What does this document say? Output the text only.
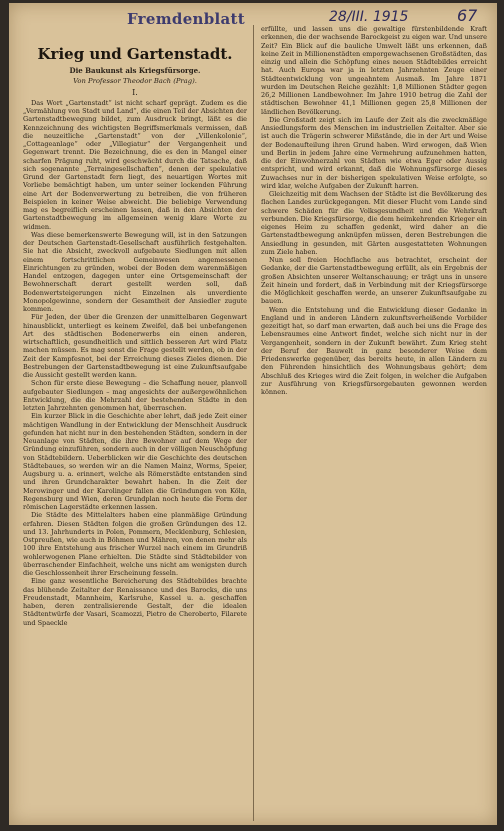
Fremdenblatt	28/III. 1915	67
Krieg und Gartenstadt.
Die Baukunst als Kriegsfürsorge.
Von Professor Theodor Bach (Prag).
I.

Das Wort „Gartenstadt“ ist nicht scharf geprägt. Zudem es die „Vermählung von Stadt und Land“, die einen Teil der Absichten der Gartenstadtbewegung bildet, zum Ausdruck bringt, läßt es die Kennzeichnung des wichtigsten Begriffsmerkmals vermissen, daß die neuzeitliche „Gartenstadt“ von der „Villenkolonie“, „Cottageanlage“ oder „Villegiatur“ der Vergangenheit und Gegenwart trennt. Die Bezeichnung, die es den in Mangel einer scharfen Prägung ruht, wird geschwächt durch die Tatsache, daß sich sogenannte „Terraingesellschaften“, denen der spekulative Grund der Gartenstadt fern liegt, des neuartigen Wortes mit Vorliebe bemächtigt haben, um unter seiner lockenden Führung eine Art der Bodenverwertung zu betreiben, die von früheren Beispielen in keiner Weise abweicht. Die beliebige Verwendung mag es begreiflich erscheinen lassen, daß in den Absichten der Gartenstadtbewegung im allgemeinen wenig klare Worte zu widmen.

Was diese bemerkenswerte Bewegung will, ist in den Satzungen der Deutschen Gartenstadt-Gesellschaft ausführlich festgehalten. Sie hat die Absicht, zweckvoll aufgebaute Siedlungen mit allen einem fortschrittlichen Gemeinwesen angemessenen Einrichtungen zu gründen, wobei der Boden dem warenmäßigen Handel entzogen, dagegen unter eine Ortsgemeinschaft der Bewohnerschaft derart gestellt werden soll, daß Bodenwertsteigerungen nicht Einzelnen als unverdiente Monopolgewinne, sondern der Gesamtheit der Ansiedler zugute kommen.

Für Jeden, der über die Grenzen der unmittelbaren Gegenwart hinausblickt, unterliegt es keinem Zweifel, daß bei unbefangenen Art des städtischen Bodenerwerbs ein einen anderen, wirtschaftlich, gesundheitlich und sittlich besseren Art wird Platz machen müssen. Es mag sonst die Frage gestellt werden, ob in der Zeit der Kampfesnot, bei der Erreichung dieses Zieles dienen. Die Bestrebungen der Gartenstadtbewegung ist eine Zukunftsaufgabe die Aussicht gestellt werden kann.

Schon für erste diese Bewegung – die Schaffung neuer, planvoll aufgebauter Siedlungen – mag angesichts der außergewöhnlichen Entwicklung, die die Mehrzahl der bestehenden Städte in den letzten Jahrzehnten genommen hat, überraschen.

Ein kurzer Blick in die Geschichte aber lehrt, daß jede Zeit einer mächtigen Wandlung in der Entwicklung der Menschheit Ausdruck gefunden hat nicht nur in den bestehenden Städten, sondern in der Neuanlage von Städten, die ihre Bewohner auf dem Wege der Gründung einzuführen, sondern auch in der völligen Neuschöpfung von Städtebildern. Ueberblicken wir die Geschichte des deutschen Städtebaues, so werden wir an die Namen Mainz, Worms, Speier, Augsburg u. a. erinnert, welche als Römerstädte entstanden sind und ihren Grundcharakter bewahrt haben. In die Zeit der Merowinger und der Karolinger fallen die Gründungen von Köln, Regensburg und Wien, deren Grundplan noch heute die Form der römischen Lagerstädte erkennen lassen.

Die Städte des Mittelalters haben eine planmäßige Gründung erfahren. Diesen Städten folgen die großen Gründungen des 12. und 13. Jahrhunderts in Polen, Pommern, Mecklenburg, Schlesien, Ostpreußen, wie auch in Böhmen und Mähren, von denen mehr als 100 ihre Entstehung aus frischer Wurzel nach einem im Grundriß wohlerwogenen Plane erhielten. Die Städte sind Städtebilder von überraschender Einfachheit, welche uns nicht am wenigsten durch die Geschlossenheit ihrer Erscheinung fesseln.

Eine ganz wesentliche Bereicherung des Städtebildes brachte das blühende Zeitalter der Renaissance und des Barocks, die uns Freudenstadt, Mannheim, Karlsruhe, Kassel u. a. geschaffen haben, deren zentralisierende Gestalt, der die idealen Städtentwürfe der Vasari, Scamozzi, Pietro de Cheroberto, Filarete und Spaeckle

erfüllte, und lassen uns die gewaltige fürstenbildende Kraft erkennen, die der wachsende Barockgeist zu eigen war. Und unsere Zeit? Ein Blick auf die bauliche Umwelt läßt uns erkennen, daß keine Zeit in Millionenstädten emporgewachsenen Großstädten, das einzig und allein die Schöpfung eines neuen Städtebildes erreicht hat. Auch Europa war ja in letzten Jahrzehnten Zeuge einer Städteentwicklung von ungeahntem Ausmaß. Im Jahre 1871 wurden im Deutschen Reiche gezählt: 1,8 Millionen Städter gegen 26,2 Millionen Landbewohner. Im Jahre 1910 betrug die Zahl der städtischen Bewohner 41,1 Millionen gegen 25,8 Millionen der ländlichen Bevölkerung.

Die Großstadt zeigt sich im Laufe der Zeit als die zweckmäßige Ansiedlungsform des Menschen im industriellen Zeitalter. Aber sie ist auch die Trägerin schwerer Mißstände, die in der Art und Weise der Bodenaufteilung ihren Grund haben. Wird erwogen, daß Wien und Berlin in jedem Jahre eine Vermehrung aufzunehmen hatten, die der Einwohnerzahl von Städten wie etwa Eger oder Aussig entspricht, und wird erkannt, daß die Wohnungsfürsorge dieses Zuwachses nur in der bisherigen spekulativen Weise erfolgte, so wird klar, welche Aufgaben der Zukunft harren.

Gleichzeitig mit dem Wachsen der Städte ist die Bevölkerung des flachen Landes zurückgegangen. Mit dieser Flucht vom Lande sind schwere Schäden für die Volksgesundheit und die Wehrkraft verbunden. Die Kriegsfürsorge, die dem heimkehrenden Krieger ein eigenes Heim zu schaffen gedenkt, wird daher an die Gartenstadtbewegung anknüpfen müssen, deren Bestrebungen die Ansiedlung in gesunden, mit Gärten ausgestatteten Wohnungen zum Ziele haben.

Nun soll freien Hochflache aus betrachtet, erscheint der Gedanke, der die Gartenstadtbewegung erfüllt, als ein Ergebnis der großen Absichten unserer Weltanschauung; er trägt uns in unsere Zeit hinein und fordert, daß in Verbindung mit der Kriegsfürsorge die Möglichkeit geschaffen werde, an unserer Zukunftsaufgabe zu bauen.

Wenn die Entstehung und die Entwicklung dieser Gedanke in England und in anderen Ländern zukunftsverheißende Vorbilder gezeitigt hat, so darf man erwarten, daß auch bei uns die Frage des Lebensraumes eine Antwort findet, welche sich nicht nur in der Vergangenheit, sondern in der Zukunft bewährt. Zum Krieg steht der Beruf der Bauwelt in ganz besonderer Weise dem Friedenswerke gegenüber, das bereits heute, in allen Ländern zu den Führenden hinsichtlich des Wohnungsbaus gehört; dem Abschluß des Krieges wird die Zeit folgen, in welcher die Aufgaben zur Ausführung von Kriegsfürsorgebauten gewonnen werden können.
